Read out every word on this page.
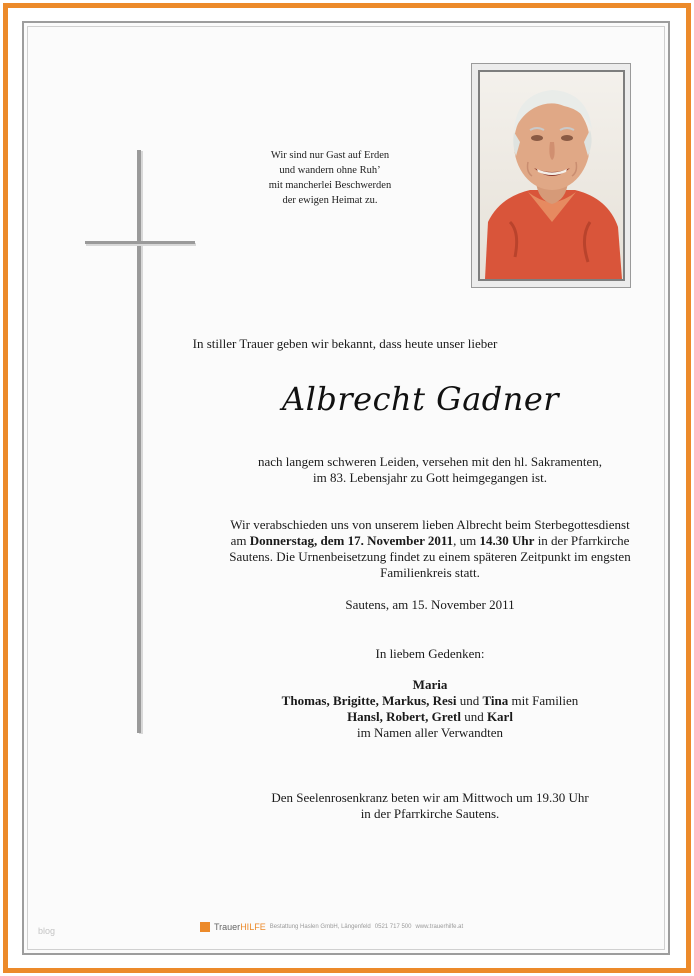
Wir sind nur Gast auf Erden
und wandern ohne Ruh’
mit mancherlei Beschwerden
der ewigen Heimat zu.
In stiller Trauer geben wir bekannt, dass heute unser lieber
Albrecht Gadner
nach langem schweren Leiden, versehen mit den hl. Sakramenten,
im 83. Lebensjahr zu Gott heimgegangen ist.
Wir verabschieden uns von unserem lieben Albrecht beim Sterbegottesdienst
am Donnerstag, dem 17. November 2011, um 14.30 Uhr in der Pfarrkirche
Sautens. Die Urnenbeisetzung findet zu einem späteren Zeitpunkt im engsten
Familienkreis statt.
Sautens, am 15. November 2011
In liebem Gedenken:
Maria
Thomas, Brigitte, Markus, Resi und Tina mit Familien
Hansl, Robert, Gretl und Karl
im Namen aller Verwandten
Den Seelenrosenkranz beten wir am Mittwoch um 19.30 Uhr
in der Pfarrkirche Sautens.
TrauerHILFE Bestattung Haslen GmbH, Längenfeld 0521 717 500 www.trauerhilfe.at
blog
